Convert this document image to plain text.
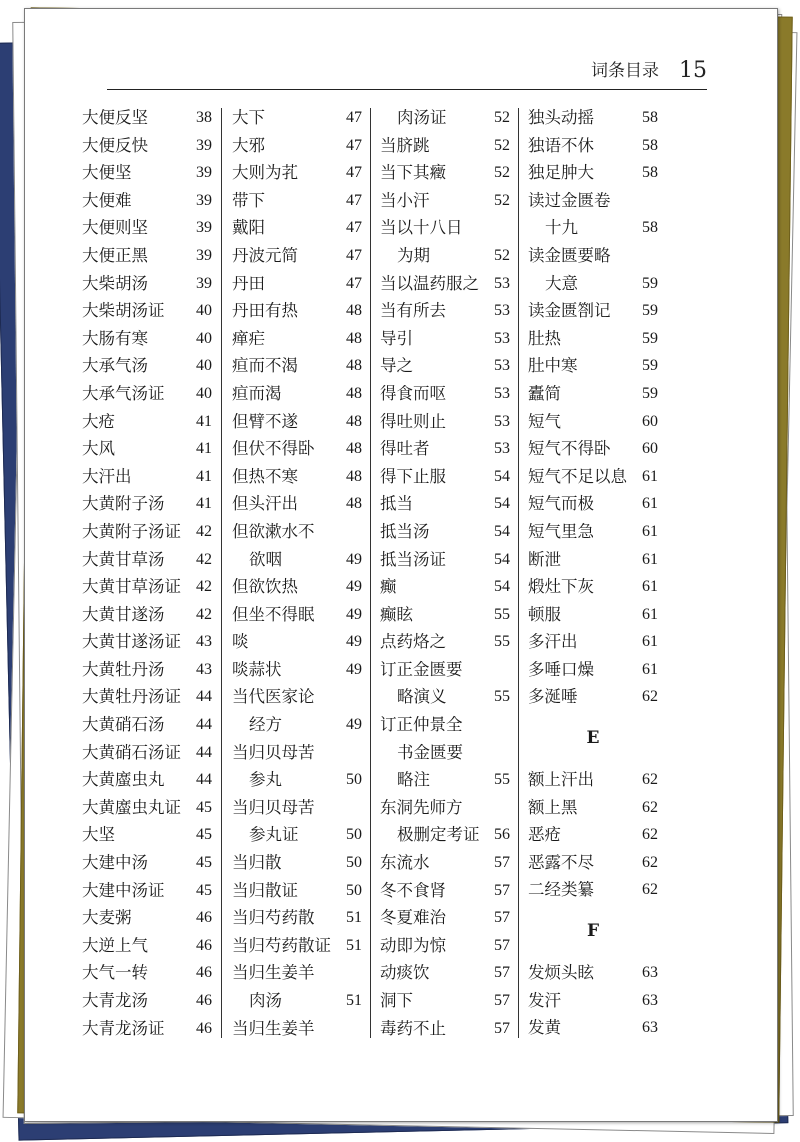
词条目录 15
大便反坚	38
大便反快	39
大便坚	39
大便难	39
大便则坚	39
大便正黑	39
大柴胡汤	39
大柴胡汤证 40
大肠有寒	40
大承气汤	40
大承气汤证 40
大疮	41
大风	41
大汗出	41
大黄附子汤 41
大黄附子汤证 42
大黄甘草汤 42
大黄甘草汤证 42
大黄甘遂汤 42
大黄甘遂汤证 43
大黄牡丹汤 43
大黄牡丹汤证 44
大黄硝石汤 44
大黄硝石汤证 44
大黄䗪虫丸 44
大黄䗪虫丸证 45
大坚	45
大建中汤	45
大建中汤证 45
大麦粥	46
大逆上气	46
大气一转	46
大青龙汤	46
大青龙汤证 46
大下	47
大邪	47
大则为芤	47
带下	47
戴阳	47
丹波元简	47
丹田	47
丹田有热	48
瘅疟	48
疸而不渴	48
疸而渴	48
但臂不遂	48
但伏不得卧 48
但热不寒	48
但头汗出	48
但欲漱水不
欲咽	49
但欲饮热	49
但坐不得眠 49
啖	49
啖蒜状	49
当代医家论
经方	49
当归贝母苦
参丸	50
当归贝母苦
参丸证	50
当归散	50
当归散证	50
当归芍药散 51
当归芍药散证 51
当归生姜羊
肉汤	51
当归生姜羊
肉汤证	52
当脐跳	52
当下其癥	52
当小汗	52
当以十八日
为期	52
当以温药服之 53
当有所去	53
导引	53
导之	53
得食而呕	53
得吐则止	53
得吐者	53
得下止服	54
抵当	54
抵当汤	54
抵当汤证	54
癫	54
癫眩	55
点药烙之	55
订正金匮要
略演义	55
订正仲景全
书金匮要
略注	55
东洞先师方
极删定考证 56
东流水	57
冬不食肾	57
冬夏难治	57
动即为惊	57
动痰饮	57
洞下	57
毒药不止	57
独头动摇	58
独语不休	58
独足肿大	58
读过金匮卷
十九	58
读金匮要略
大意	59
读金匮劄记 59
肚热	59
肚中寒	59
蠹简	59
短气	60
短气不得卧 60
短气不足以息 61
短气而极	61
短气里急	61
断泄	61
煅灶下灰	61
顿服	61
多汗出	61
多唾口燥	61
多涎唾	62
E
额上汗出	62
额上黑	62
恶疮	62
恶露不尽	62
二经类纂	62
F
发烦头眩	63
发汗	63
发黄	63
